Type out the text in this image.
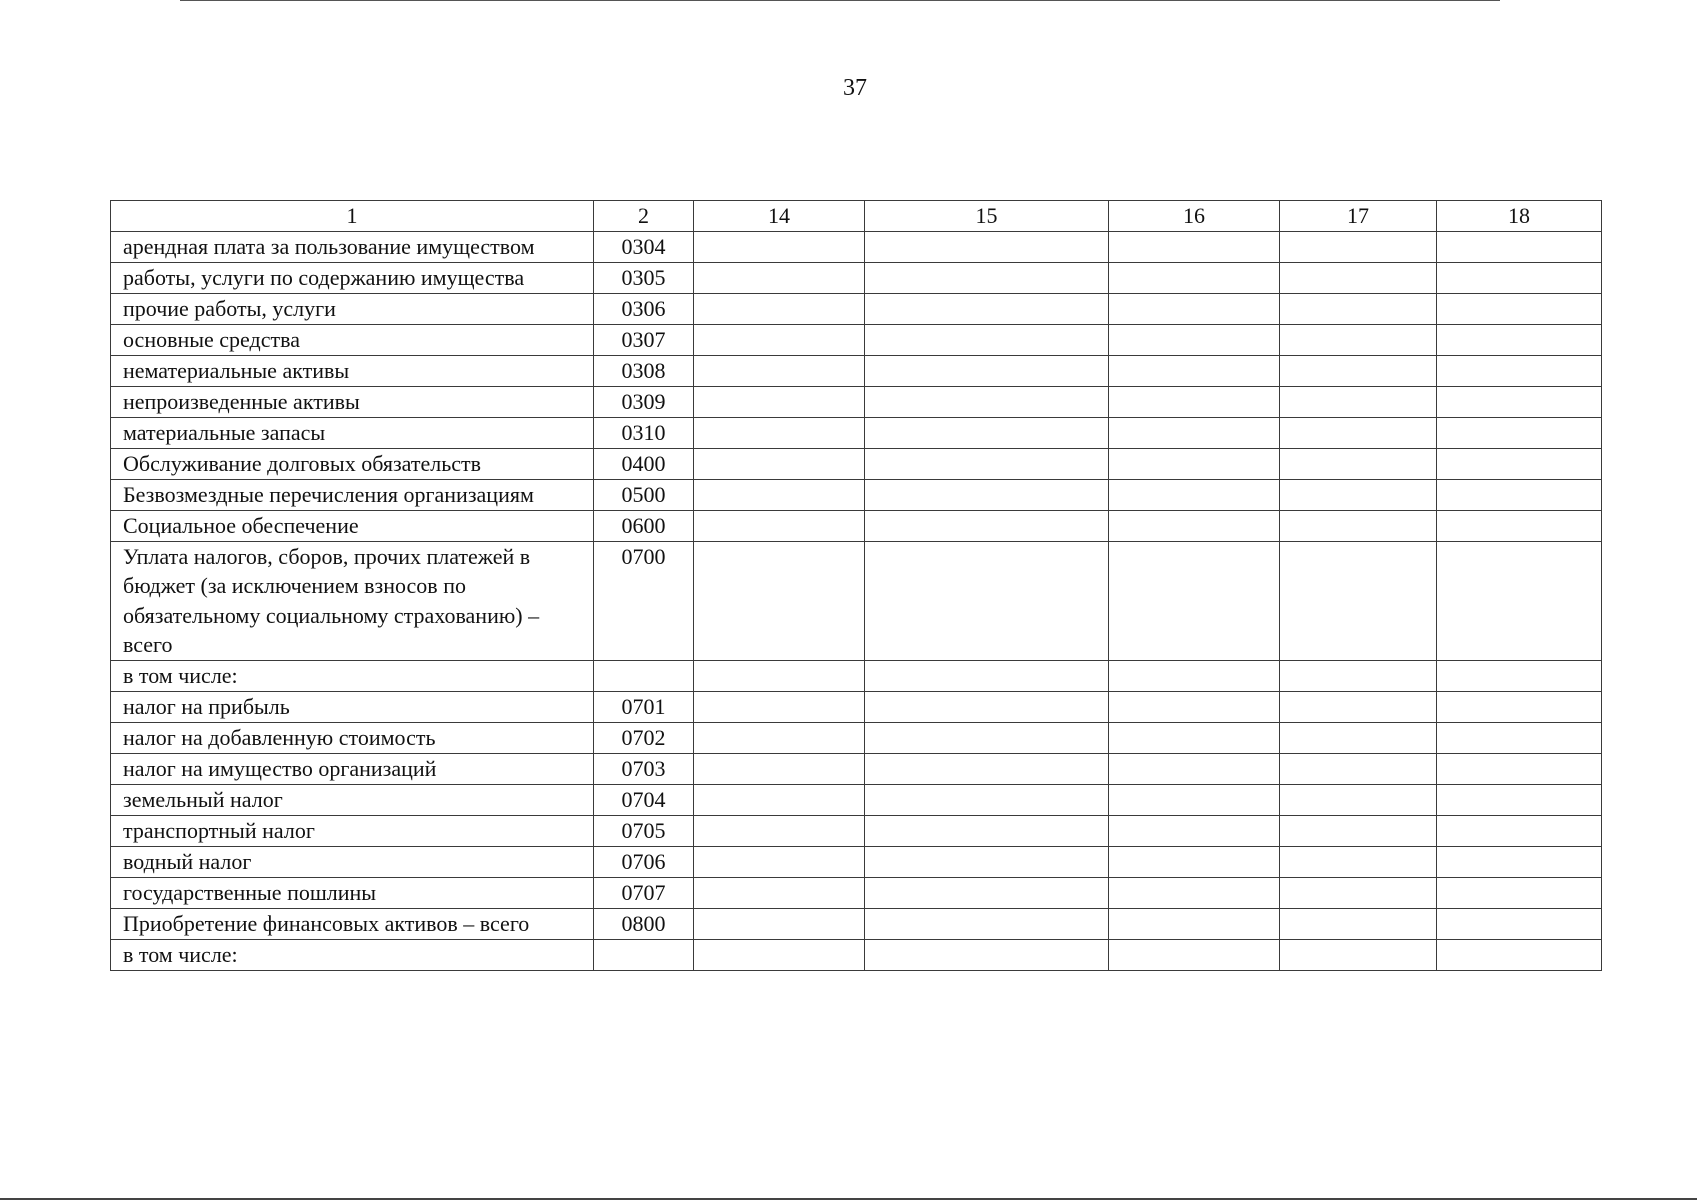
37
1	2	14	15	16	17	18
арендная плата за пользование имуществом	0304					
работы, услуги по содержанию имущества	0305					
прочие работы, услуги	0306					
основные средства	0307					
нематериальные активы	0308					
непроизведенные активы	0309					
материальные запасы	0310					
Обслуживание долговых обязательств	0400					
Безвозмездные перечисления организациям	0500					
Социальное обеспечение	0600					
Уплата налогов, сборов, прочих платежей в бюджет (за исключением взносов по обязательному социальному страхованию) – всего	0700					
в том числе:						
налог на прибыль	0701					
налог на добавленную стоимость	0702					
налог на имущество организаций	0703					
земельный налог	0704					
транспортный налог	0705					
водный налог	0706					
государственные пошлины	0707					
Приобретение финансовых активов – всего	0800					
в том числе:						
